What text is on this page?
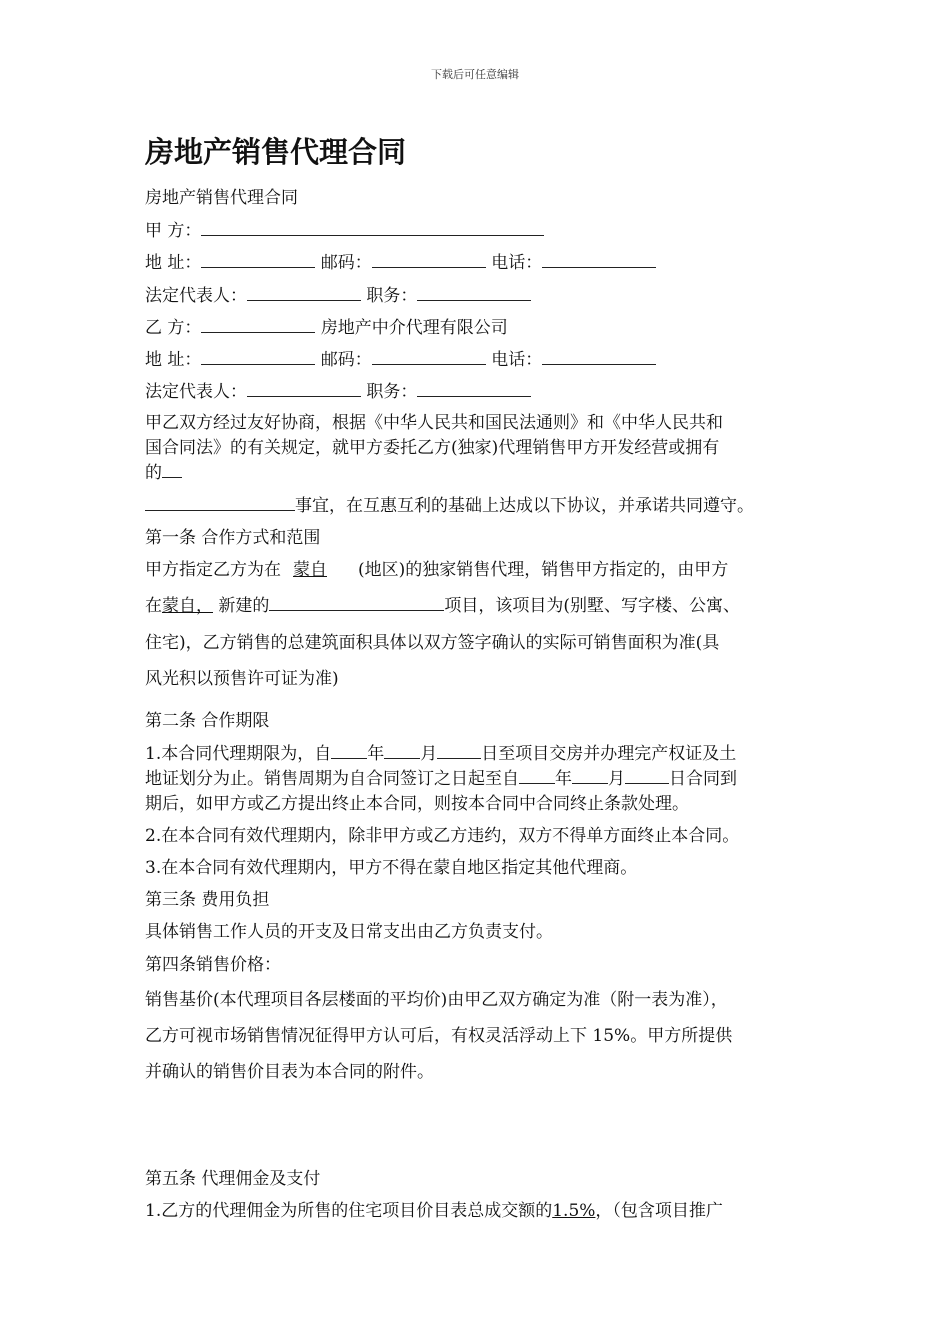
下载后可任意编辑
房地产销售代理合同
房地产销售代理合同
甲 方：
地 址：	邮码：	电话：
法定代表人：	职务：
乙 方：	房地产中介代理有限公司
地 址：	邮码：	电话：
法定代表人：	职务：
甲乙双方经过友好协商，根据《中华人民共和国民法通则》和《中华人民共和
国合同法》的有关规定，就甲方委托乙方(独家)代理销售甲方开发经营或拥有
的
事宜，在互惠互利的基础上达成以下协议，并承诺共同遵守。
第一条 合作方式和范围
甲方指定乙方为在 蒙自 (地区)的独家销售代理，销售甲方指定的，由甲方
在蒙自， 新建的	项目，该项目为(别墅、写字楼、公寓、
住宅)，乙方销售的总建筑面积具体以双方签字确认的实际可销售面积为准(具
风光积以预售许可证为准)
第二条 合作期限
1.本合同代理期限为，自 年 月	日至项目交房并办理完产权证及土
地证划分为止。销售周期为自合同签订之日起至自 年 月	日合同到
期后，如甲方或乙方提出终止本合同，则按本合同中合同终止条款处理。
2.在本合同有效代理期内，除非甲方或乙方违约，双方不得单方面终止本合同。
3.在本合同有效代理期内，甲方不得在蒙自地区指定其他代理商。
第三条 费用负担
具体销售工作人员的开支及日常支出由乙方负责支付。
第四条销售价格：
销售基价(本代理项目各层楼面的平均价)由甲乙双方确定为准（附一表为准），
乙方可视市场销售情况征得甲方认可后，有权灵活浮动上下 15%。甲方所提供
并确认的销售价目表为本合同的附件。
第五条 代理佣金及支付
1.乙方的代理佣金为所售的住宅项目价目表总成交额的1.5%，（包含项目推广
